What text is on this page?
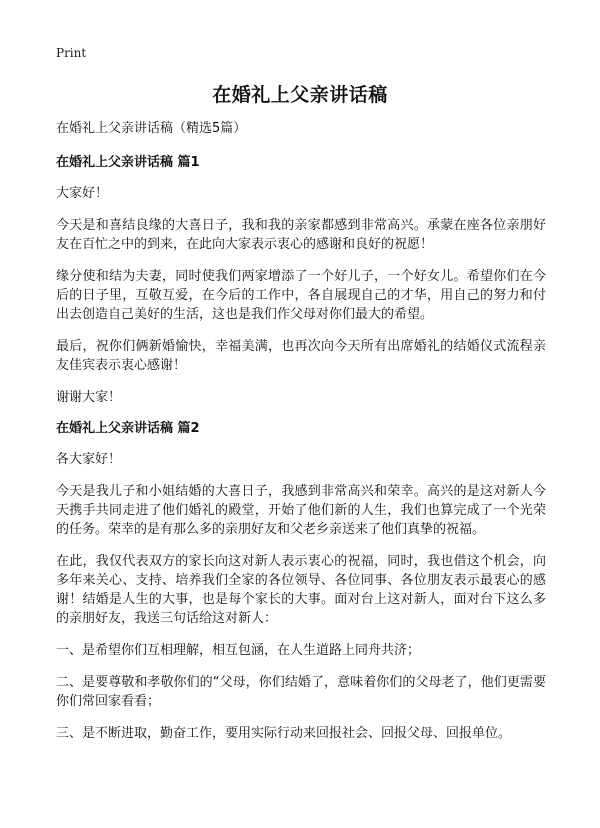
Print
在婚礼上父亲讲话稿

在婚礼上父亲讲话稿（精选5篇）

在婚礼上父亲讲话稿 篇1

大家好！

今天是和喜结良缘的大喜日子，我和我的亲家都感到非常高兴。承蒙在座各位亲朋好友在百忙之中的到来，在此向大家表示衷心的感谢和良好的祝愿！

缘分使和结为夫妻，同时使我们两家增添了一个好儿子，一个好女儿。希望你们在今后的日子里，互敬互爱，在今后的工作中，各自展现自己的才华，用自己的努力和付出去创造自己美好的生活，这也是我们作父母对你们最大的希望。

最后，祝你们俩新婚愉快，幸福美满，也再次向今天所有出席婚礼的结婚仪式流程亲友佳宾表示衷心感谢！

谢谢大家！

在婚礼上父亲讲话稿 篇2

各大家好！

今天是我儿子和小姐结婚的大喜日子，我感到非常高兴和荣幸。高兴的是这对新人今天携手共同走进了他们婚礼的殿堂，开始了他们新的人生，我们也算完成了一个光荣的任务。荣幸的是有那么多的亲朋好友和父老乡亲送来了他们真挚的祝福。

在此，我仅代表双方的家长向这对新人表示衷心的祝福，同时，我也借这个机会，向多年来关心、支持、培养我们全家的各位领导、各位同事、各位朋友表示最衷心的感谢！结婚是人生的大事，也是每个家长的大事。面对台上这对新人，面对台下这么多的亲朋好友，我送三句话给这对新人：

一、是希望你们互相理解，相互包涵，在人生道路上同舟共济；

二、是要尊敬和孝敬你们的“父母，你们结婚了，意味着你们的父母老了，他们更需要你们常回家看看；

三、是不断进取，勤奋工作，要用实际行动来回报社会、回报父母、回报单位。
